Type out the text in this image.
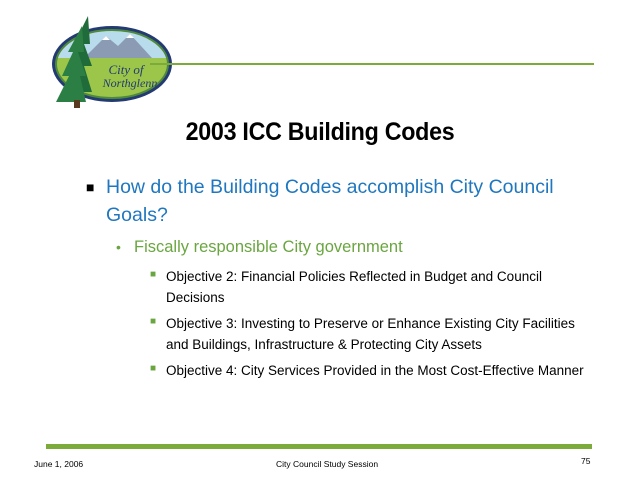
City of
Northglenn
2003 ICC Building Codes
■ How do the Building Codes accomplish City Council Goals?
• Fiscally responsible City government
■ Objective 2: Financial Policies Reflected in Budget and Council Decisions
■ Objective 3: Investing to Preserve or Enhance Existing City Facilities and Buildings, Infrastructure & Protecting City Assets
■ Objective 4: City Services Provided in the Most Cost-Effective Manner
June 1, 2006	City Council Study Session	75
